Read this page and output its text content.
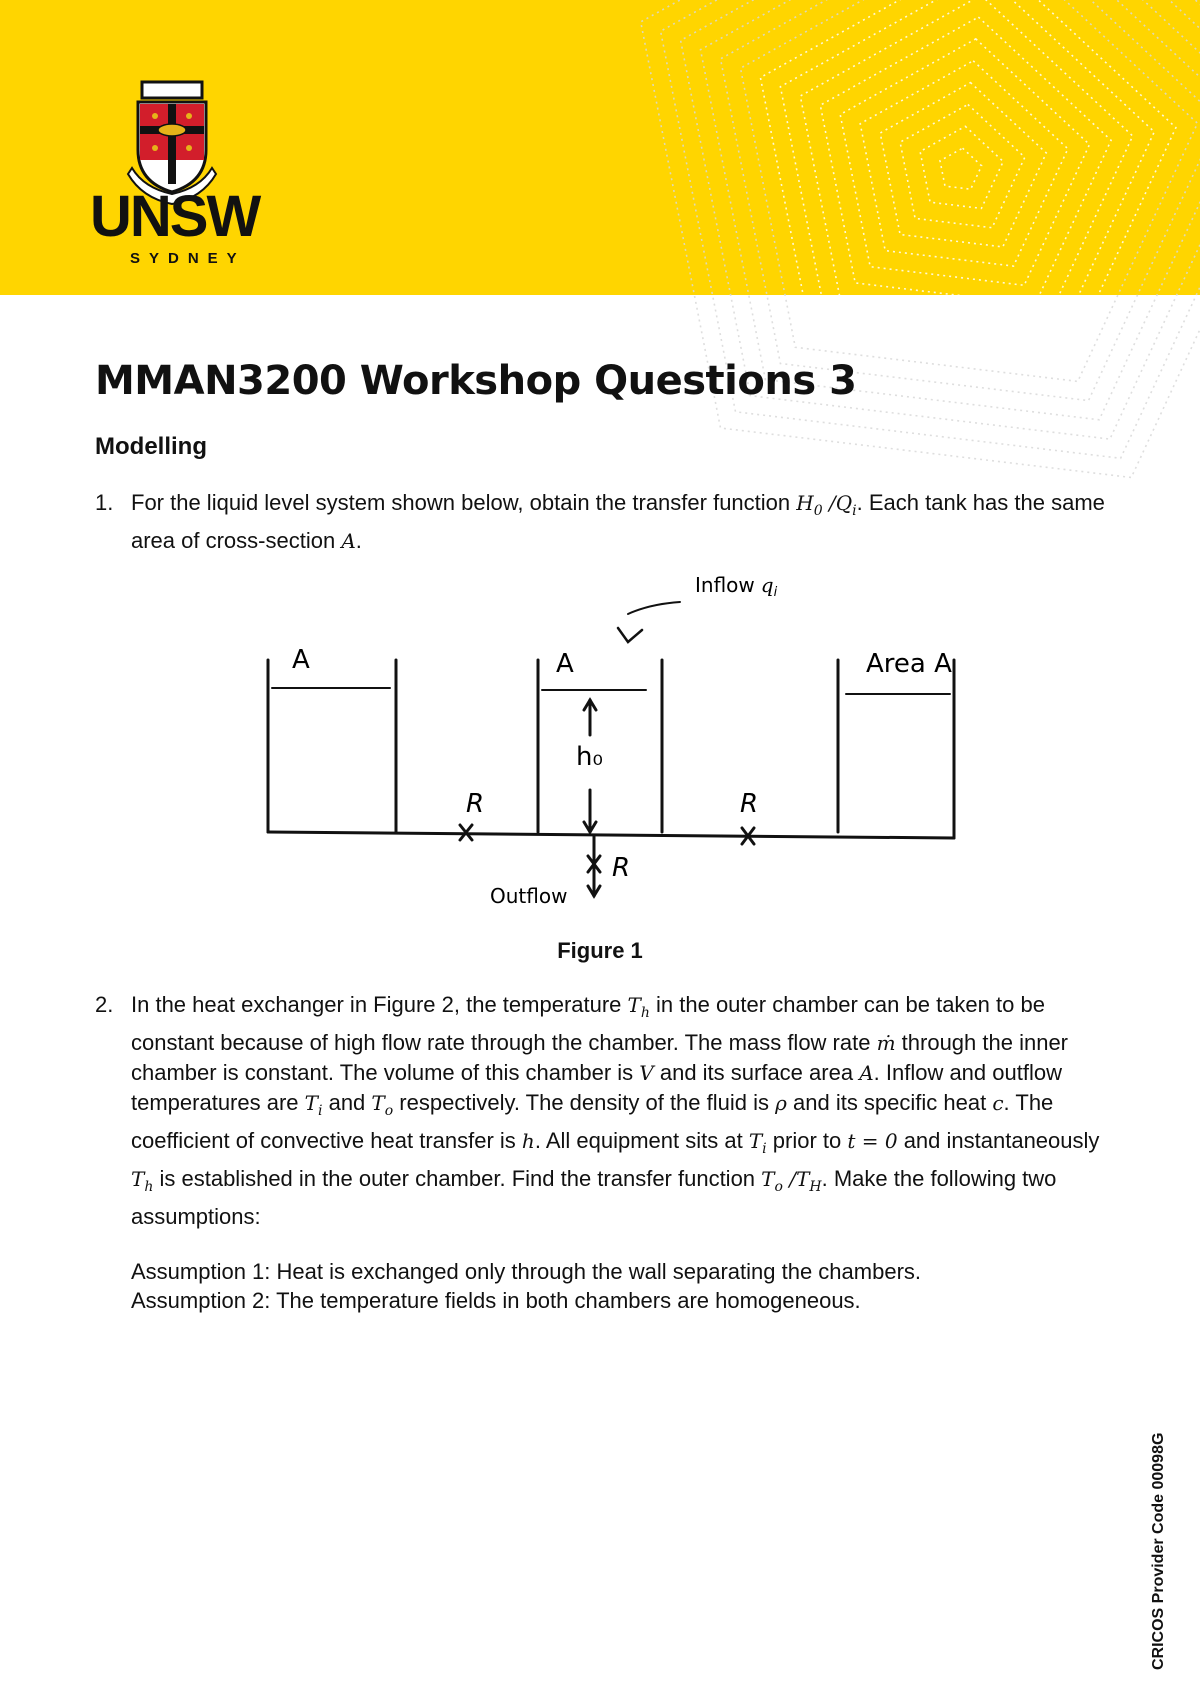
UNSW
SYDNEY
MMAN3200 Workshop Questions 3
Modelling
1. For the liquid level system shown below, obtain the transfer function $H_0$ $/Q_i$. Each tank has the same area of cross-section A.
A	A	Area A
h₀
R	R
R
Outflow
Inflow $q_i$
Figure 1
2. In the heat exchanger in Figure 2, the temperature $T_h$ in the outer chamber can be taken to be constant because of high flow rate through the chamber. The mass flow rate ṁ through the inner chamber is constant. The volume of this chamber is V and its surface area A. Inflow and outflow temperatures are $T_i$ and $T_o$ respectively. The density of the fluid is ρ and its specific heat c. The coefficient of convective heat transfer is h. All equipment sits at $T_i$ prior to t = 0 and instantaneously $T_h$ is established in the outer chamber. Find the transfer function $T_o$ $/T_H$. Make the following two assumptions:
Assumption 1: Heat is exchanged only through the wall separating the chambers.
Assumption 2: The temperature fields in both chambers are homogeneous.
CRICOS Provider Code 00098G
